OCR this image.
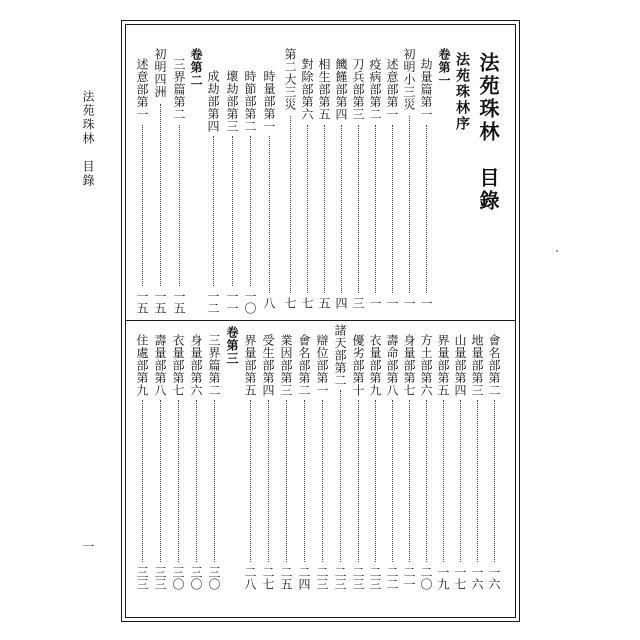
法苑珠林　目錄
一
法苑珠林　目錄
法苑珠林序
卷第一
劫量篇第一
一
初明小三災
一
述意部第一
一
疫病部第二
一
刀兵部第三
三
饑饉部第四
四
相生部第五
五
對除部第六
七
第二大三災
七
時量部第一
八
時節部第二
一〇
壞劫部第三
一一
成劫部第四
一二
卷第二
三界篇第二
一五
初明四洲
一五
述意部第一
一五
會名部第二
一六
地量部第三
一六
山量部第四
一七
界量部第五
一九
方土部第六
二〇
身量部第七
二一
壽命部第八
二二
衣量部第九
二三
優劣部第十
二三
諸天部第二
二三
辯位部第一
二三
會名部第二
二四
業因部第三
二五
受生部第四
二七
界量部第五
二八
卷第三
三界篇第二
三〇
身量部第六
三〇
衣量部第七
三〇
壽量部第八
三三
住處部第九
三三
